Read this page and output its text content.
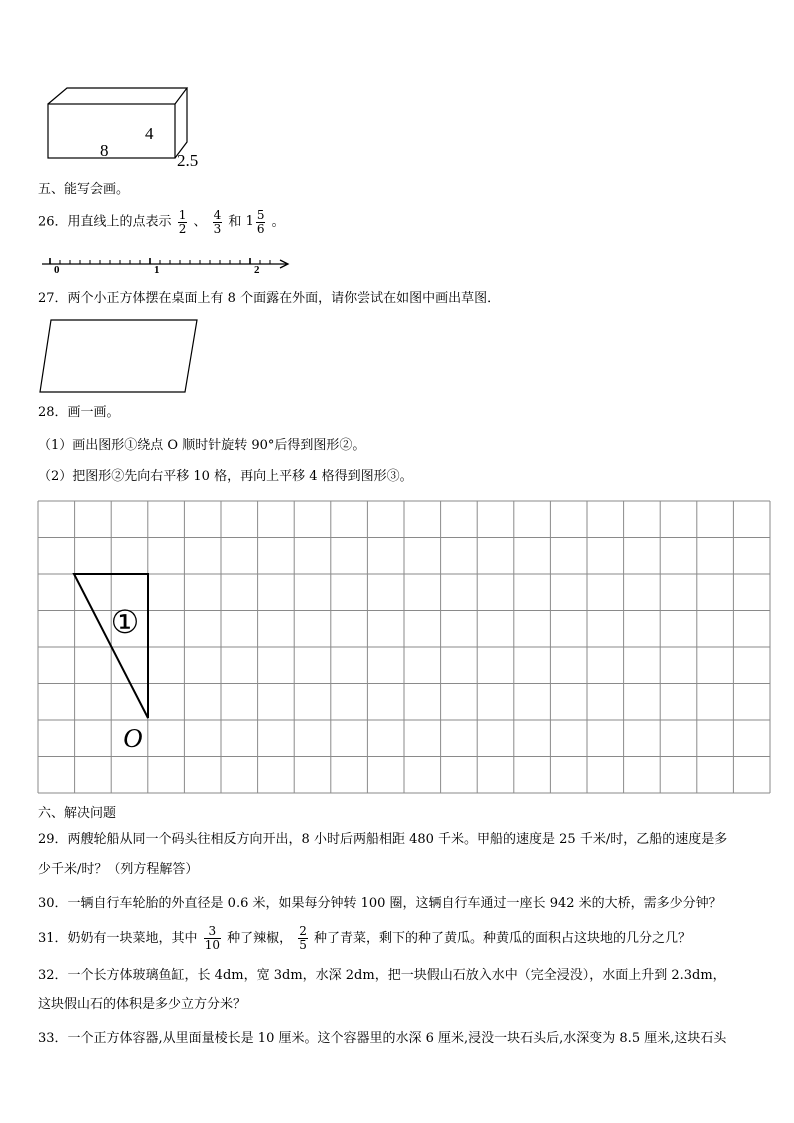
4
8
2.5
五、能写会画。
26．用直线上的点表示 $\frac{1}{2}$ 、 $\frac{4}{3}$ 和 $1 \frac{5}{6}$ 。
0	1	2
27．两个小正方体摆在桌面上有 8 个面露在外面，请你尝试在如图中画出草图．
28．画一画。
（1）画出图形①绕点 O 顺时针旋转 90°后得到图形②。
（2）把图形②先向右平移 10 格，再向上平移 4 格得到图形③。
①
O
六、解决问题
29．两艘轮船从同一个码头往相反方向开出，8 小时后两船相距 480 千米。甲船的速度是 25 千米/时，乙船的速度是多
少千米/时？（列方程解答）
30．一辆自行车轮胎的外直径是 0.6 米，如果每分钟转 100 圈，这辆自行车通过一座长 942 米的大桥，需多少分钟？
31．奶奶有一块菜地，其中 $\frac{3}{10}$ 种了辣椒， $\frac{2}{5}$ 种了青菜，剩下的种了黄瓜。种黄瓜的面积占这块地的几分之几？
32．一个长方体玻璃鱼缸，长 4dm，宽 3dm，水深 2dm，把一块假山石放入水中（完全浸没），水面上升到 2.3dm，
这块假山石的体积是多少立方分米？
33．一个正方体容器,从里面量棱长是 10 厘米。这个容器里的水深 6 厘米,浸没一块石头后,水深变为 8.5 厘米,这块石头
